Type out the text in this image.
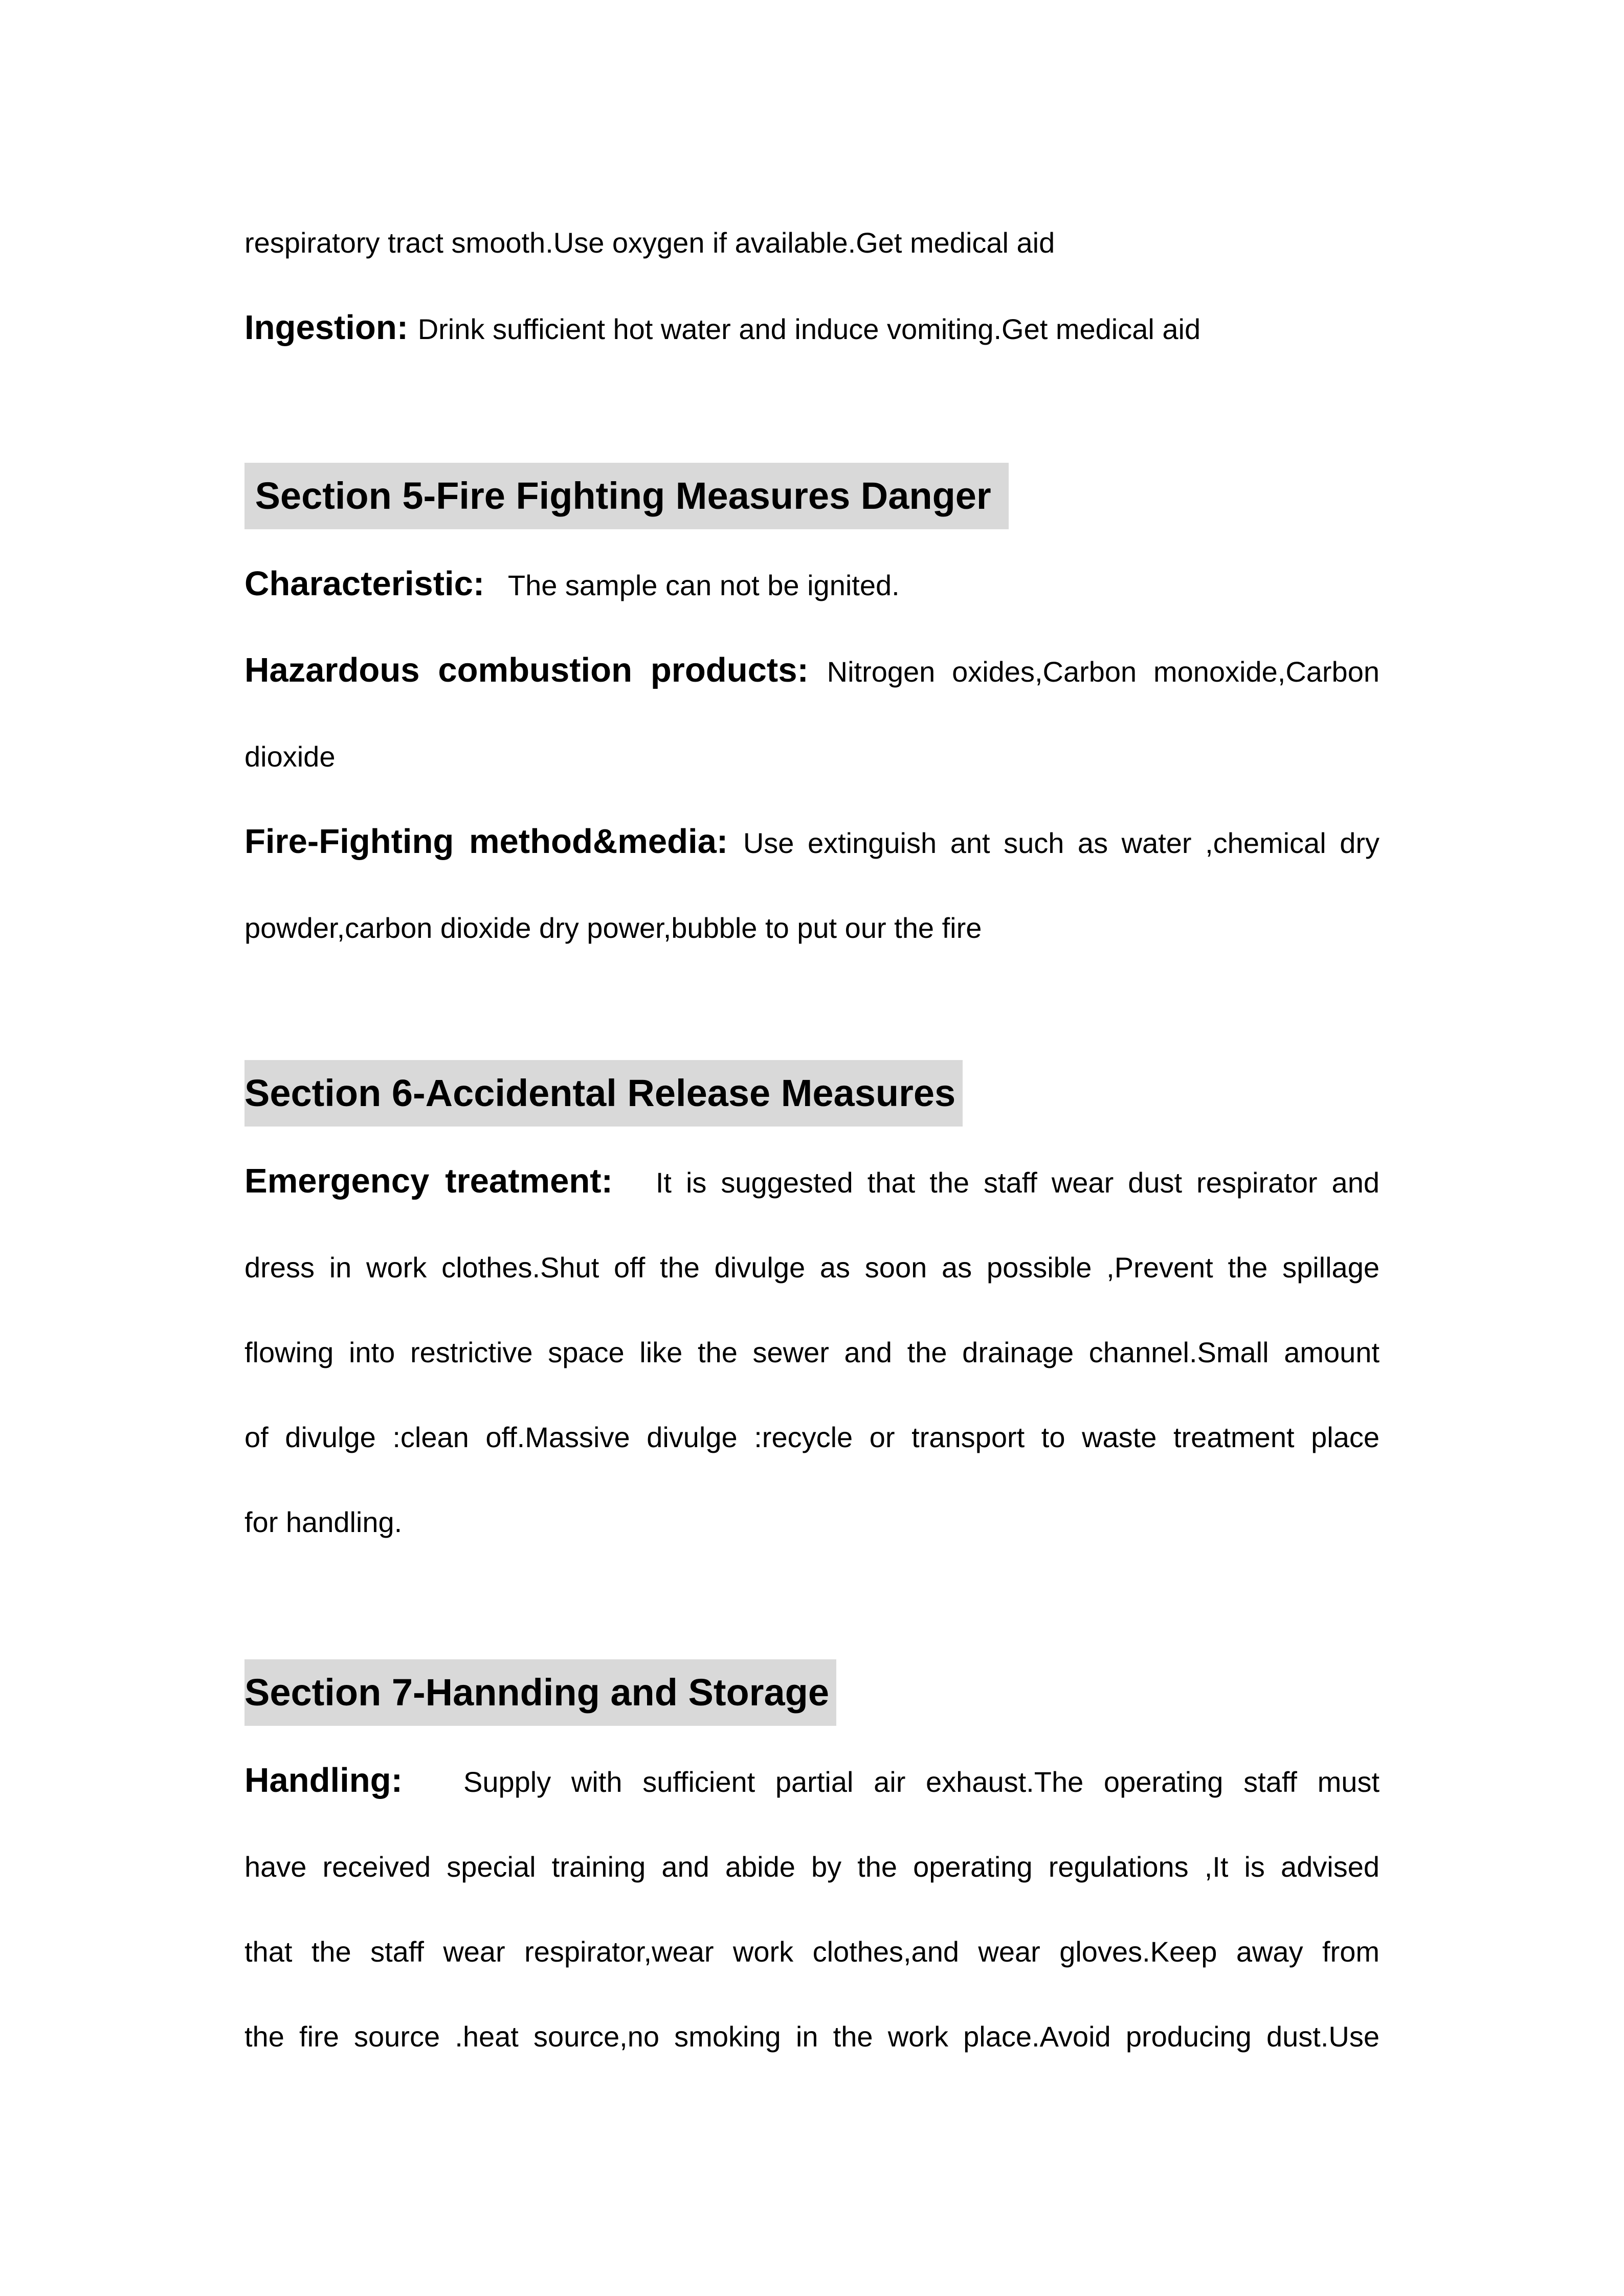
respiratory tract smooth.Use oxygen if available.Get medical aid
Ingestion: Drink sufficient hot water and induce vomiting.Get medical aid
Section 5-Fire Fighting Measures Danger
Characteristic:   The sample can not be ignited.
Hazardous combustion products: Nitrogen oxides,Carbon monoxide,Carbon
dioxide
Fire-Fighting method&media: Use extinguish ant such as water ,chemical dry
powder,carbon dioxide dry power,bubble to put our the fire
Section 6-Accidental Release Measures
Emergency treatment:   It is suggested that the staff wear dust respirator and
dress in work clothes.Shut off the divulge as soon as possible ,Prevent the spillage
flowing into restrictive space like the sewer and the drainage channel.Small amount
of divulge :clean off.Massive divulge :recycle or transport to waste treatment place
for handling.
Section 7-Hannding and Storage
Handling:   Supply with sufficient partial air exhaust.The operating staff must
have received special training and abide by the operating regulations ,It is advised
that the staff wear respirator,wear work clothes,and wear gloves.Keep away from
the fire source .heat source,no smoking in the work place.Avoid producing dust.Use
